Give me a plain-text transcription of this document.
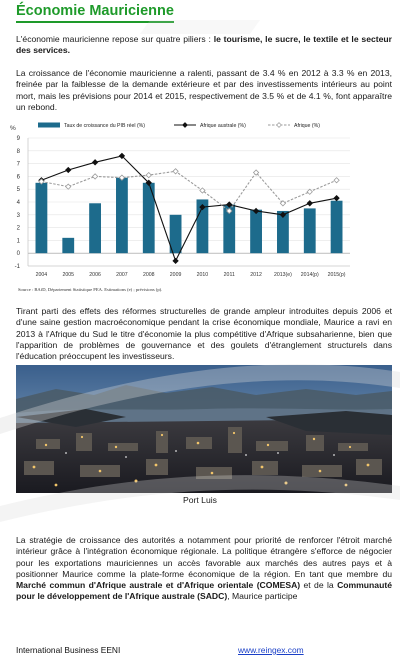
Économie Mauricienne

L'économie mauricienne repose sur quatre piliers : le tourisme, le sucre, le textile et le secteur des services.

La croissance de l'économie mauricienne a ralenti, passant de 3.4 % en 2012 à 3.3 % en 2013, freinée par la faiblesse de la demande extérieure et par des investissements intérieurs au point mort, mais les prévisions pour 2014 et 2015, respectivement de 3.5 % et de 4.1 %, font apparaître un rebond.

%
-1
0
1
2
3
4
5
6
7
8
9
2004	2005	2006	2007	2008	2009	2010	2011	2012 2013(e) 2014(p) 2015(p)
Taux de croissance du PIB réel (%)	Afrique australe (%)	Afrique (%)
Source : BAfD, Département Statistique PEA. Estimations (e) ; prévisions (p).

Tirant parti des effets des réformes structurelles de grande ampleur introduites depuis 2006 et d'une saine gestion macroéconomique pendant la crise économique mondiale, Maurice a ravi en 2013 à l'Afrique du Sud le titre d'économie la plus compétitive d'Afrique subsaharienne, bien que l'apparition de problèmes de gouvernance et des goulets d'étranglement structurels dans l'éducation préoccupent les investisseurs.

Port Luis

La stratégie de croissance des autorités a notamment pour priorité de renforcer l'étroit marché intérieur grâce à l'intégration économique régionale. La politique étrangère s'efforce de négocier pour les exportations mauriciennes un accès favorable aux marchés des autres pays et à positionner Maurice comme la plate-forme économique de la région. En tant que membre du Marché commun d'Afrique australe et d'Afrique orientale (COMESA) et de la Communauté pour le développement de l'Afrique australe (SADC), Maurice participe

International Business EENI	www.reingex.com
